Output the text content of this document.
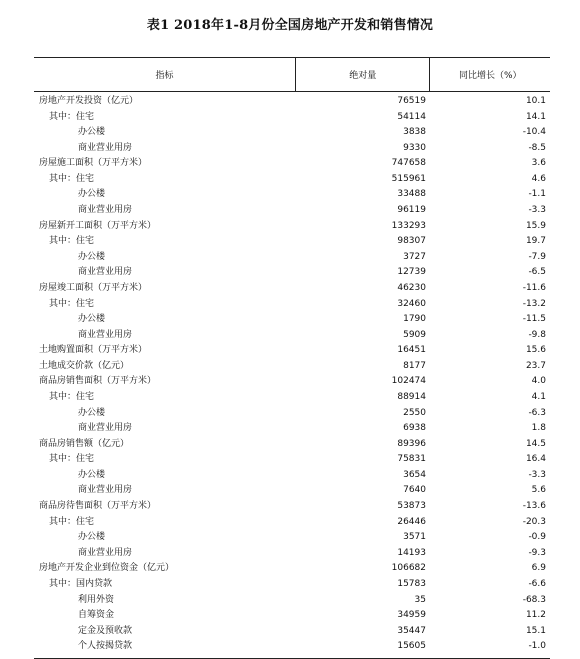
表1 2018年1-8月份全国房地产开发和销售情况
指标	绝对量	同比增长（%）
房地产开发投资（亿元）	76519	10.1
其中：住宅	54114	14.1
办公楼	3838	-10.4
商业营业用房	9330	-8.5
房屋施工面积（万平方米）	747658	3.6
其中：住宅	515961	4.6
办公楼	33488	-1.1
商业营业用房	96119	-3.3
房屋新开工面积（万平方米）	133293	15.9
其中：住宅	98307	19.7
办公楼	3727	-7.9
商业营业用房	12739	-6.5
房屋竣工面积（万平方米）	46230	-11.6
其中：住宅	32460	-13.2
办公楼	1790	-11.5
商业营业用房	5909	-9.8
土地购置面积（万平方米）	16451	15.6
土地成交价款（亿元）	8177	23.7
商品房销售面积（万平方米）	102474	4.0
其中：住宅	88914	4.1
办公楼	2550	-6.3
商业营业用房	6938	1.8
商品房销售额（亿元）	89396	14.5
其中：住宅	75831	16.4
办公楼	3654	-3.3
商业营业用房	7640	5.6
商品房待售面积（万平方米）	53873	-13.6
其中：住宅	26446	-20.3
办公楼	3571	-0.9
商业营业用房	14193	-9.3
房地产开发企业到位资金（亿元）	106682	6.9
其中：国内贷款	15783	-6.6
利用外资	35	-68.3
自筹资金	34959	11.2
定金及预收款	35447	15.1
个人按揭贷款	15605	-1.0
